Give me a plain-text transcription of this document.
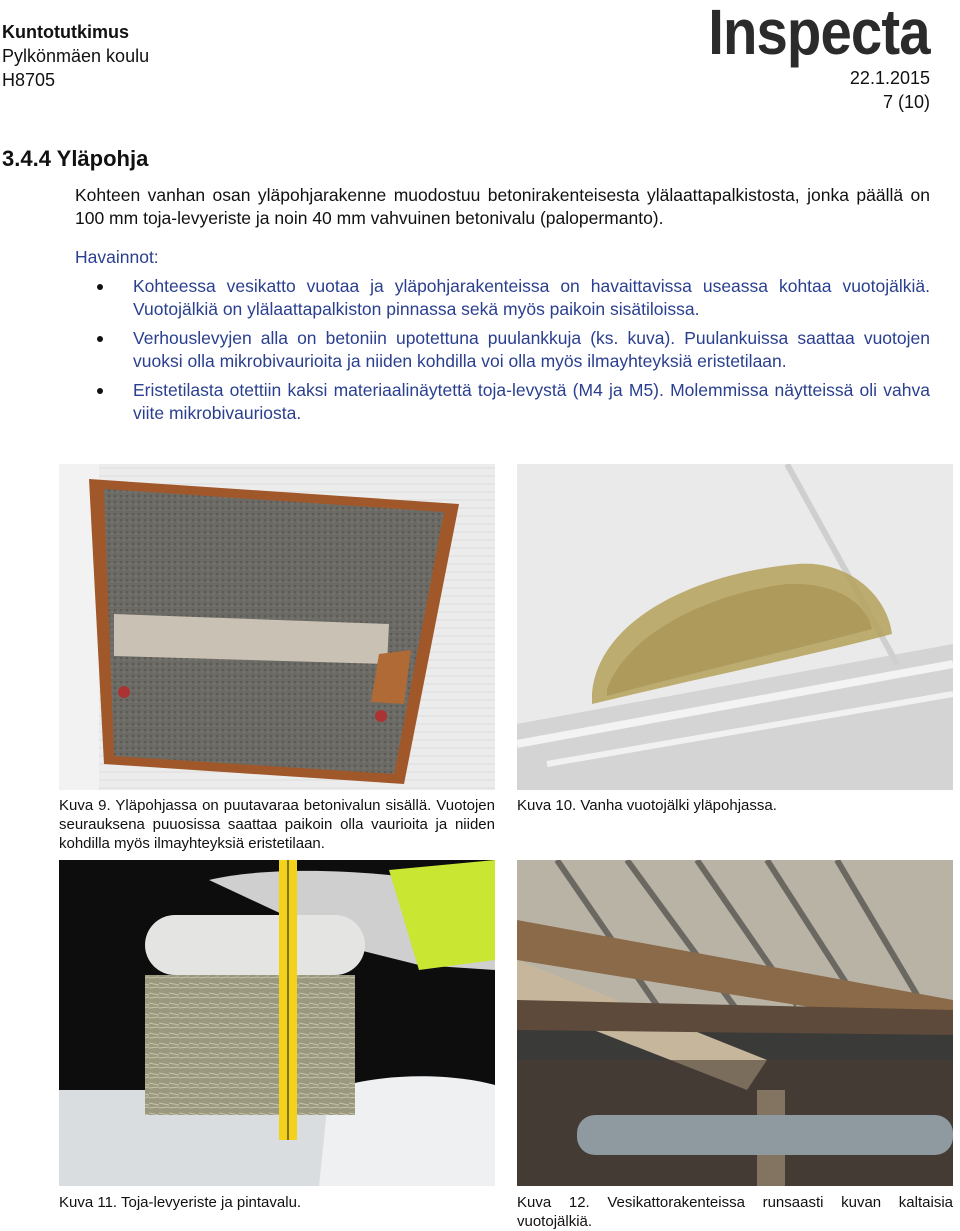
Kuntotutkimus
Pylkönmäen koulu
H8705
Inspecta
22.1.2015
7 (10)
3.4.4 Yläpohja
Kohteen vanhan osan yläpohjarakenne muodostuu betonirakenteisesta ylälaattapalkistosta, jonka päällä on 100 mm toja-levyeriste ja noin 40 mm vahvuinen betonivalu (palopermanto).
Havainnot:
Kohteessa vesikatto vuotaa ja yläpohjarakenteissa on havaittavissa useassa kohtaa vuotojälkiä. Vuotojälkiä on ylälaattapalkiston pinnassa sekä myös paikoin sisätiloissa.
Verhouslevyjen alla on betoniin upotettuna puulankkuja (ks. kuva). Puulankuissa saattaa vuotojen vuoksi olla mikrobivaurioita ja niiden kohdilla voi olla myös ilmayhteyksiä eristetilaan.
Eristetilasta otettiin kaksi materiaalinäytettä toja-levystä (M4 ja M5). Molemmissa näytteissä oli vahva viite mikrobivauriosta.
Kuva 9. Yläpohjassa on puutavaraa betonivalun sisällä. Vuotojen seurauksena puuosissa saattaa paikoin olla vaurioita ja niiden kohdilla myös ilmayhteyksiä eristetilaan.
Kuva 10. Vanha vuotojälki yläpohjassa.
Kuva 11. Toja-levyeriste ja pintavalu.	Kuva 12. Vesikattorakenteissa runsaasti kuvan kaltaisia vuotojälkiä.
